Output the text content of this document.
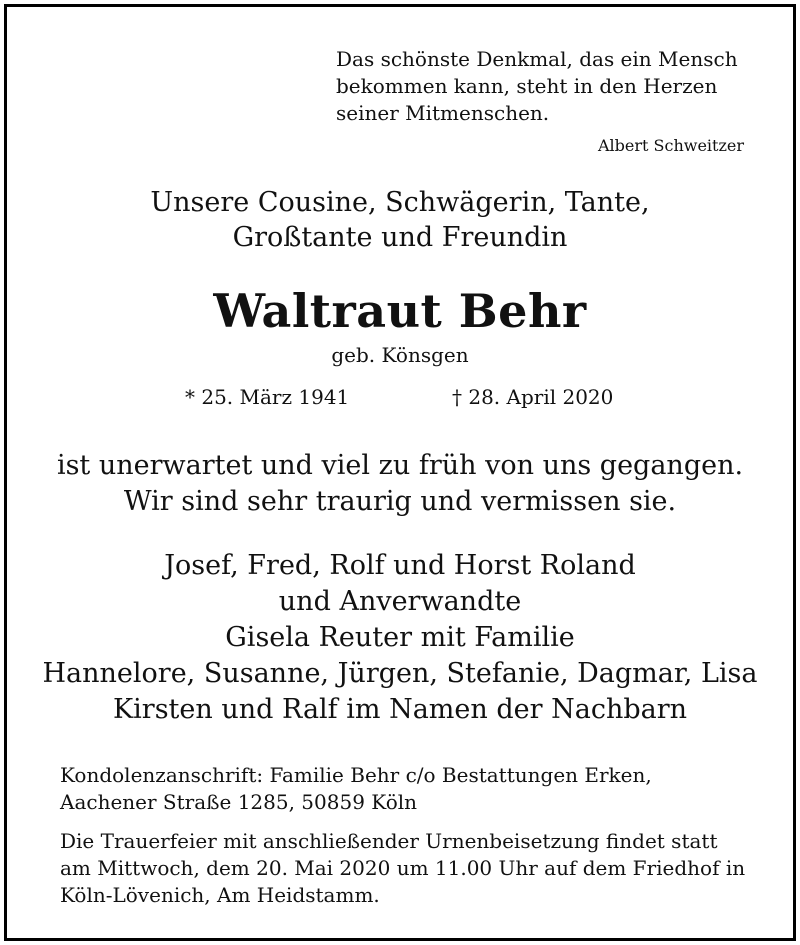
Das schönste Denkmal, das ein Mensch
bekommen kann, steht in den Herzen
seiner Mitmenschen.
Albert Schweitzer
Unsere Cousine, Schwägerin, Tante,
Großtante und Freundin
Waltraut Behr
geb. Könsgen
* 25. März 1941	† 28. April 2020
ist unerwartet und viel zu früh von uns gegangen.
Wir sind sehr traurig und vermissen sie.
Josef, Fred, Rolf und Horst Roland
und Anverwandte
Gisela Reuter mit Familie
Hannelore, Susanne, Jürgen, Stefanie, Dagmar, Lisa
Kirsten und Ralf im Namen der Nachbarn
Kondolenzanschrift: Familie Behr c/o Bestattungen Erken,
Aachener Straße 1285, 50859 Köln
Die Trauerfeier mit anschließender Urnenbeisetzung findet statt
am Mittwoch, dem 20. Mai 2020 um 11.00 Uhr auf dem Friedhof in
Köln-Lövenich, Am Heidstamm.
